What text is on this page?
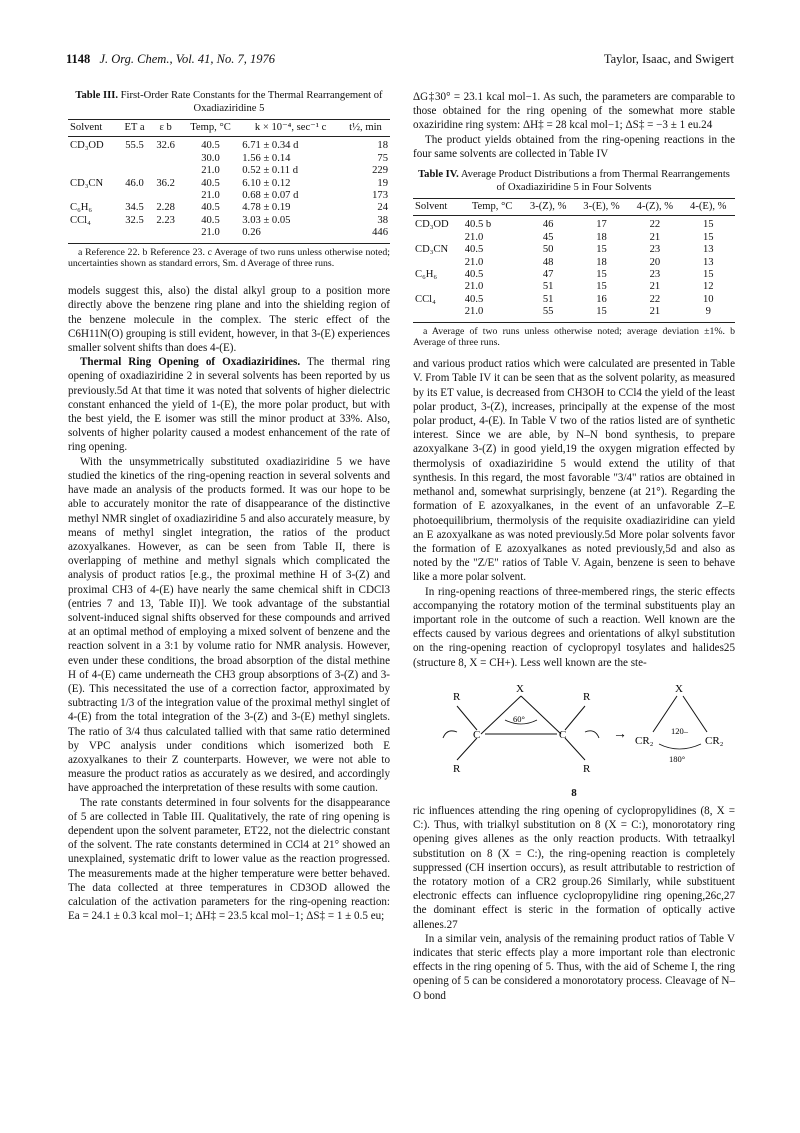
1148 J. Org. Chem., Vol. 41, No. 7, 1976	Taylor, Isaac, and Swigert
Table III. First-Order Rate Constants for the Thermal Rearrangement of Oxadiaziridine 5
Solvent	ET a	ε b	Temp, °C	k × 10⁻⁴, sec⁻¹ c	t½, min
CD₃OD	55.5	32.6	40.5	6.71 ± 0.34 d	18
			30.0	1.56 ± 0.14	75
			21.0	0.52 ± 0.11 d	229
CD₃CN	46.0	36.2	40.5	6.10 ± 0.12	19
			21.0	0.68 ± 0.07 d	173
C₆H₆	34.5	2.28	40.5	4.78 ± 0.19	24
CCl₄	32.5	2.23	40.5	3.03 ± 0.05	38
			21.0	0.26	446
a Reference 22. b Reference 23. c Average of two runs unless otherwise noted; uncertainties shown as standard errors, Sm. d Average of three runs.

models suggest this, also) the distal alkyl group to a position more directly above the benzene ring plane and into the shielding region of the benzene molecule in the complex. The steric effect of the C6H11N(O) grouping is still evident, however, in that 3-(E) experiences smaller solvent shifts than does 4-(E).

Thermal Ring Opening of Oxadiaziridines. The thermal ring opening of oxadiaziridine 2 in several solvents has been reported by us previously.5d At that time it was noted that solvents of higher dielectric constant enhanced the yield of 1-(E), the more polar product, but with the best yield, the E isomer was still the minor product at 33%. Also, solvents of higher polarity caused a modest enhancement of the rate of ring opening.

With the unsymmetrically substituted oxadiaziridine 5 we have studied the kinetics of the ring-opening reaction in several solvents and have made an analysis of the products formed. It was our hope to be able to accurately monitor the rate of disappearance of the distinctive methyl NMR singlet of oxadiaziridine 5 and also accurately measure, by means of methyl singlet integration, the ratios of the product azoxyalkanes. However, as can be seen from Table II, there is overlapping of methine and methyl signals which complicated the analysis of product ratios [e.g., the proximal methine H of 3-(Z) and proximal CH3 of 4-(E) have nearly the same chemical shift in CDCl3 (entries 7 and 13, Table II)]. We took advantage of the substantial solvent-induced signal shifts observed for these compounds and arrived at an optimal method of employing a mixed solvent of benzene and the reaction solvent in a 3:1 by volume ratio for NMR analysis. However, even under these conditions, the broad absorption of the distal methine H of 4-(E) came underneath the CH3 group absorptions of 3-(Z) and 3-(E). This necessitated the use of a correction factor, approximated by subtracting 1/3 of the integration value of the proximal methyl singlet of 4-(E) from the total integration of the 3-(Z) and 3-(E) methyl singlets. The ratio of 3/4 thus calculated tallied with that same ratio determined by VPC analysis under conditions which isomerized both E azoxyalkanes to their Z counterparts. However, we were not able to measure the product ratios as accurately as we desired, and accordingly have approached the interpretation of these results with some caution.

The rate constants determined in four solvents for the disappearance of 5 are collected in Table III. Qualitatively, the rate of ring opening is dependent upon the solvent parameter, ET22, not the dielectric constant of the solvent. The rate constants determined in CCl4 at 21° showed an unexplained, systematic drift to lower value as the reaction progressed. The measurements made at the higher temperature were better behaved. The data collected at three temperatures in CD3OD allowed the calculation of the activation parameters for the ring-opening reaction: Ea = 24.1 ± 0.3 kcal mol−1; ΔH‡ = 23.5 kcal mol−1; ΔS‡ = 1 ± 0.5 eu;

ΔG‡30° = 23.1 kcal mol−1. As such, the parameters are comparable to those obtained for the ring opening of the somewhat more stable oxaziridine ring system: ΔH‡ = 28 kcal mol−1; ΔS‡ = −3 ± 1 eu.24

The product yields obtained from the ring-opening reactions in the four same solvents are collected in Table IV

Table IV. Average Product Distributions a from Thermal Rearrangements of Oxadiaziridine 5 in Four Solvents
Solvent	Temp, °C	3-(Z), %	3-(E), %	4-(Z), %	4-(E), %
CD₃OD	40.5 b	46	17	22	15
	21.0	45	18	21	15
CD₃CN	40.5	50	15	23	13
	21.0	48	18	20	13
C₆H₆	40.5	47	15	23	15
	21.0	51	15	21	12
CCl₄	40.5	51	16	22	10
	21.0	55	15	21	9
a Average of two runs unless otherwise noted; average deviation ±1%. b Average of three runs.

and various product ratios which were calculated are presented in Table V. From Table IV it can be seen that as the solvent polarity, as measured by its ET value, is decreased from CH3OH to CCl4 the yield of the least polar product, 3-(Z), increases, principally at the expense of the most polar product, 4-(E). In Table V two of the ratios listed are of synthetic interest. Since we are able, by N–N bond synthesis, to prepare azoxyalkane 3-(Z) in good yield,19 the oxygen migration effected by thermolysis of oxadiaziridine 5 would extend the utility of that synthesis. In this regard, the most favorable "3/4" ratios are obtained in methanol and, somewhat surprisingly, benzene (at 21°). Regarding the formation of E azoxyalkanes, in the event of an unfavorable Z–E photoequilibrium, thermolysis of the requisite oxadiaziridine can yield an E azoxyalkane as was noted previously.5d More polar solvents favor the formation of E azoxyalkanes as noted previously,5d and also as noted by the "Z/E" ratios of Table V. Again, benzene is seen to behave like a more polar solvent.

In ring-opening reactions of three-membered rings, the steric effects accompanying the rotatory motion of the terminal substituents play an important role in the outcome of such a reaction. Well known are the effects caused by various degrees and orientations of alkyl substitution on the ring-opening reaction of cyclopropyl tosylates and halides25 (structure 8, X = CH+). Less well known are the ste-

R
X
R
C	C
R	R
60°
→
X
CR₂	CR₂
120–
180°
8

ric influences attending the ring opening of cyclopropylidines (8, X = C:). Thus, with trialkyl substitution on 8 (X = C:), monorotatory ring opening gives allenes as the only reaction products. With tetraalkyl substitution on 8 (X = C:), the ring-opening reaction is completely suppressed (CH insertion occurs), as result attributable to restriction of the rotatory motion of a CR2 group.26 Similarly, while substituent electronic effects can influence cyclopropylidine ring opening,26c,27 the dominant effect is steric in the formation of optically active allenes.27

In a similar vein, analysis of the remaining product ratios of Table V indicates that steric effects play a more important role than electronic effects in the ring opening of 5. Thus, with the aid of Scheme I, the ring opening of 5 can be considered a monorotatory process. Cleavage of N–O bond
